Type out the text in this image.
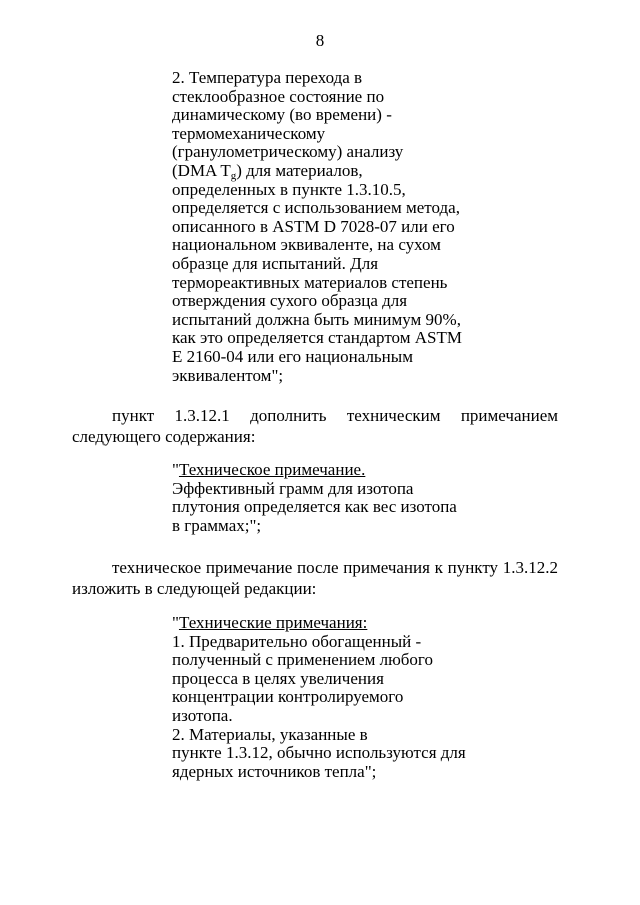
8
2. Температура перехода в
стеклообразное состояние по
динамическому (во времени) -
термомеханическому
(гранулометрическому) анализу
(DMA $T_g$) для материалов,
определенных в пункте 1.3.10.5,
определяется с использованием метода,
описанного в ASTM D 7028-07 или его
национальном эквиваленте, на сухом
образце для испытаний. Для
термореактивных материалов степень
отверждения сухого образца для
испытаний должна быть минимум 90%,
как это определяется стандартом ASTM
E 2160-04 или его национальным
эквивалентом";
пункт 1.3.12.1 дополнить техническим примечанием
следующего содержания:
"Техническое примечание.
Эффективный грамм для изотопа
плутония определяется как вес изотопа
в граммах;";
техническое примечание после примечания к пункту 1.3.12.2
изложить в следующей редакции:
"Технические примечания:
1. Предварительно обогащенный -
полученный с применением любого
процесса в целях увеличения
концентрации контролируемого
изотопа.
2. Материалы, указанные в
пункте 1.3.12, обычно используются для
ядерных источников тепла";
